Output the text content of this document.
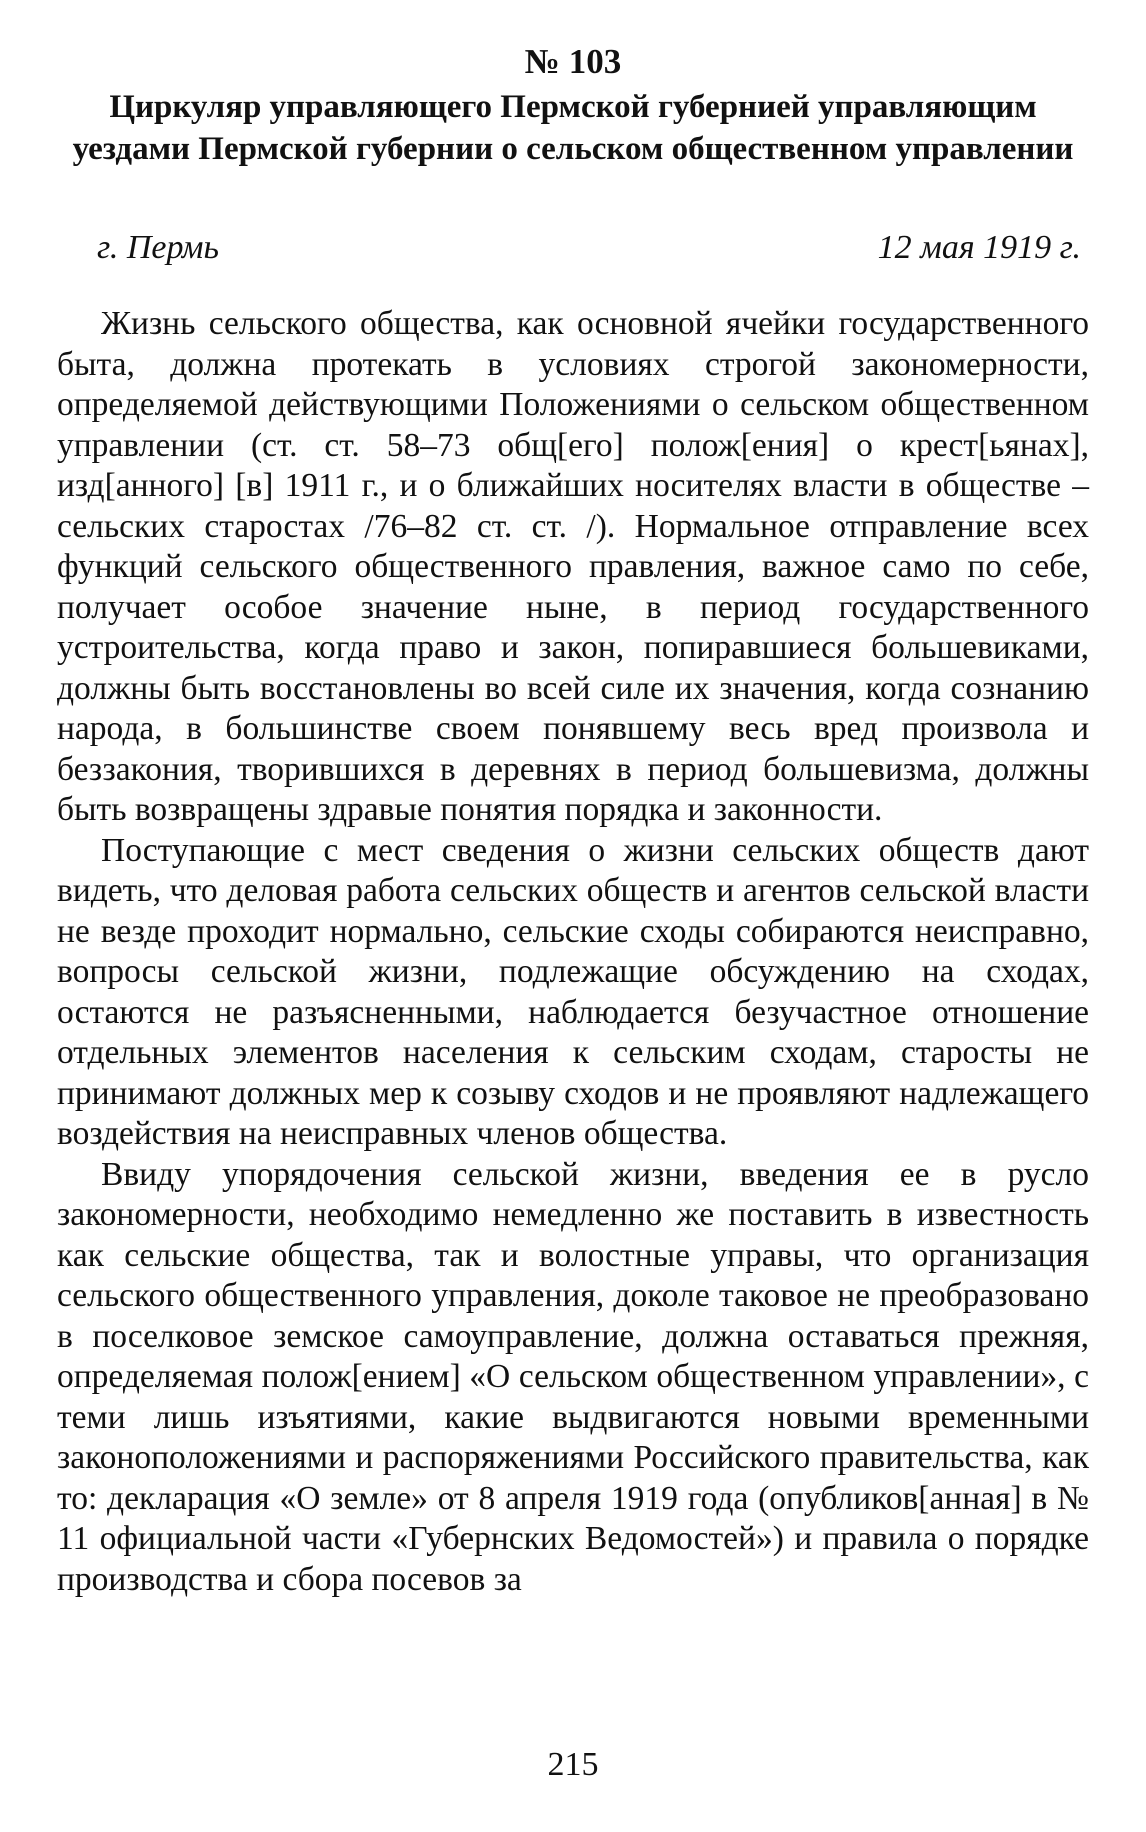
№ 103
Циркуляр управляющего Пермской губернией управляющим уездами Пермской губернии о сельском общественном управлении
г. Пермь	12 мая 1919 г.

Жизнь сельского общества, как основной ячейки государственного быта, должна протекать в условиях строгой закономерности, определяемой действующими Положениями о сельском общественном управлении (ст. ст. 58–73 общ[его] полож[ения] о крест[ьянах], изд[анного] [в] 1911 г., и о ближайших носителях власти в обществе – сельских старостах /76–82 ст. ст. /). Нормальное отправление всех функций сельского общественного правления, важное само по себе, получает особое значение ныне, в период государственного устроительства, когда право и закон, попиравшиеся большевиками, должны быть восстановлены во всей силе их значения, когда сознанию народа, в большинстве своем понявшему весь вред произвола и беззакония, творившихся в деревнях в период большевизма, должны быть возвращены здравые понятия порядка и законности.

Поступающие с мест сведения о жизни сельских обществ дают видеть, что деловая работа сельских обществ и агентов сельской власти не везде проходит нормально, сельские сходы собираются неисправно, вопросы сельской жизни, подлежащие обсуждению на сходах, остаются не разъясненными, наблюдается безучастное отношение отдельных элементов населения к сельским сходам, старосты не принимают должных мер к созыву сходов и не проявляют надлежащего воздействия на неисправных членов общества.

Ввиду упорядочения сельской жизни, введения ее в русло закономерности, необходимо немедленно же поставить в известность как сельские общества, так и волостные управы, что организация сельского общественного управления, доколе таковое не преобразовано в поселковое земское самоуправление, должна оставаться прежняя, определяемая полож[ением] «О сельском общественном управлении», с теми лишь изъятиями, какие выдвигаются новыми временными законоположениями и распоряжениями Российского правительства, как то: декларация «О земле» от 8 апреля 1919 года (опубликов[анная] в № 11 официальной части «Губернских Ведомостей») и правила о порядке производства и сбора посевов за

215
